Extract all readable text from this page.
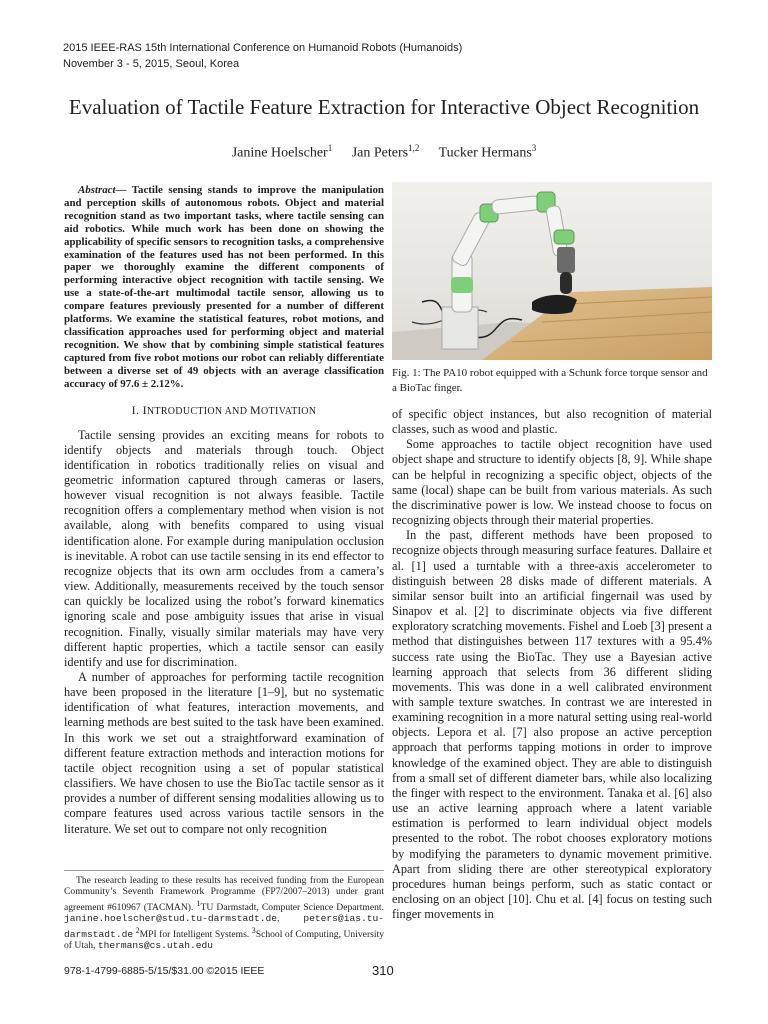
2015 IEEE-RAS 15th International Conference on Humanoid Robots (Humanoids)
November 3 - 5, 2015, Seoul, Korea
Evaluation of Tactile Feature Extraction for Interactive Object Recognition
Janine Hoelscher$^1$ Jan Peters$^{1,2}$ Tucker Hermans$^3$

Abstract— Tactile sensing stands to improve the manipulation and perception skills of autonomous robots. Object and material recognition stand as two important tasks, where tactile sensing can aid robotics. While much work has been done on showing the applicability of specific sensors to recognition tasks, a comprehensive examination of the features used has not been performed. In this paper we thoroughly examine the different components of performing interactive object recognition with tactile sensing. We use a state-of-the-art multimodal tactile sensor, allowing us to compare features previously presented for a number of different platforms. We examine the statistical features, robot motions, and classification approaches used for performing object and material recognition. We show that by combining simple statistical features captured from five robot motions our robot can reliably differentiate between a diverse set of 49 objects with an average classification accuracy of 97.6 ± 2.12%.

I. INTRODUCTION AND MOTIVATION

Tactile sensing provides an exciting means for robots to identify objects and materials through touch. Object identification in robotics traditionally relies on visual and geometric information captured through cameras or lasers, however visual recognition is not always feasible. Tactile recognition offers a complementary method when vision is not available, along with benefits compared to using visual identification alone. For example during manipulation occlusion is inevitable. A robot can use tactile sensing in its end effector to recognize objects that its own arm occludes from a camera’s view. Additionally, measurements received by the touch sensor can quickly be localized using the robot’s forward kinematics ignoring scale and pose ambiguity issues that arise in visual recognition. Finally, visually similar materials may have very different haptic properties, which a tactile sensor can easily identify and use for discrimination.

A number of approaches for performing tactile recognition have been proposed in the literature [1–9], but no systematic identification of what features, interaction movements, and learning methods are best suited to the task have been examined. In this work we set out a straightforward examination of different feature extraction methods and interaction motions for tactile object recognition using a set of popular statistical classifiers. We have chosen to use the BioTac tactile sensor as it provides a number of different sensing modalities allowing us to compare features used across various tactile sensors in the literature. We set out to compare not only recognition

The research leading to these results has received funding from the European Community’s Seventh Framework Programme (FP7/2007–2013) under grant agreement #610967 (TACMAN). $^1$TU Darmstadt, Computer Science Department. janine.hoelscher@stud.tu-darmstadt.de, peters@ias.tu-darmstadt.de $^2$MPI for Intelligent Systems. $^3$School of Computing, University of Utah, thermans@cs.utah.edu

Fig. 1: The PA10 robot equipped with a Schunk force torque sensor and a BioTac finger.

of specific object instances, but also recognition of material classes, such as wood and plastic.

Some approaches to tactile object recognition have used object shape and structure to identify objects [8, 9]. While shape can be helpful in recognizing a specific object, objects of the same (local) shape can be built from various materials. As such the discriminative power is low. We instead choose to focus on recognizing objects through their material properties.

In the past, different methods have been proposed to recognize objects through measuring surface features. Dallaire et al. [1] used a turntable with a three-axis accelerometer to distinguish between 28 disks made of different materials. A similar sensor built into an artificial fingernail was used by Sinapov et al. [2] to discriminate objects via five different exploratory scratching movements. Fishel and Loeb [3] present a method that distinguishes between 117 textures with a 95.4% success rate using the BioTac. They use a Bayesian active learning approach that selects from 36 different sliding movements. This was done in a well calibrated environment with sample texture swatches. In contrast we are interested in examining recognition in a more natural setting using real-world objects. Lepora et al. [7] also propose an active perception approach that performs tapping motions in order to improve knowledge of the examined object. They are able to distinguish from a small set of different diameter bars, while also localizing the finger with respect to the environment. Tanaka et al. [6] also use an active learning approach where a latent variable estimation is performed to learn individual object models presented to the robot. The robot chooses exploratory motions by modifying the parameters to dynamic movement primitive. Apart from sliding there are other stereotypical exploratory procedures human beings perform, such as static contact or enclosing on an object [10]. Chu et al. [4] focus on testing such finger movements in

978-1-4799-6885-5/15/$31.00 ©2015 IEEE	310
